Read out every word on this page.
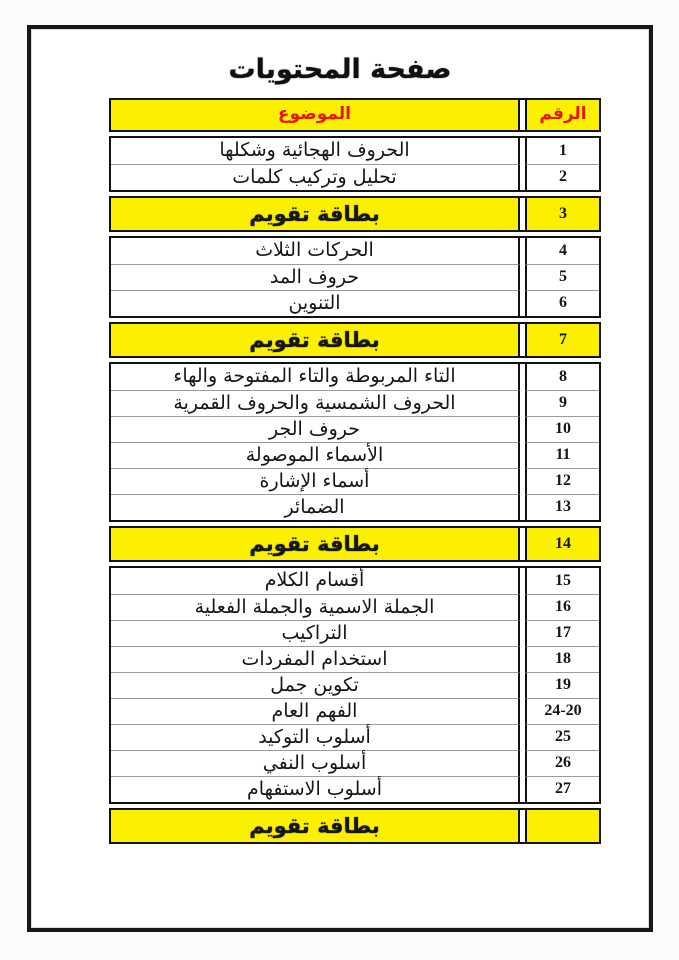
صفحة المحتويات
الموضوع	الرقم
الحروف الهجائية وشكلها	1
تحليل وتركيب كلمات	2
بطاقة تقويم	3
الحركات الثلاث	4
حروف المد	5
التنوين	6
بطاقة تقويم	7
التاء المربوطة والتاء المفتوحة والهاء	8
الحروف الشمسية والحروف القمرية	9
حروف الجر	10
الأسماء الموصولة	11
أسماء الإشارة	12
الضمائر	13
بطاقة تقويم	14
أقسام الكلام	15
الجملة الاسمية والجملة الفعلية	16
التراكيب	17
استخدام المفردات	18
تكوين جمل	19
الفهم العام	24-20
أسلوب التوكيد	25
أسلوب النفي	26
أسلوب الاستفهام	27
بطاقة تقويم
